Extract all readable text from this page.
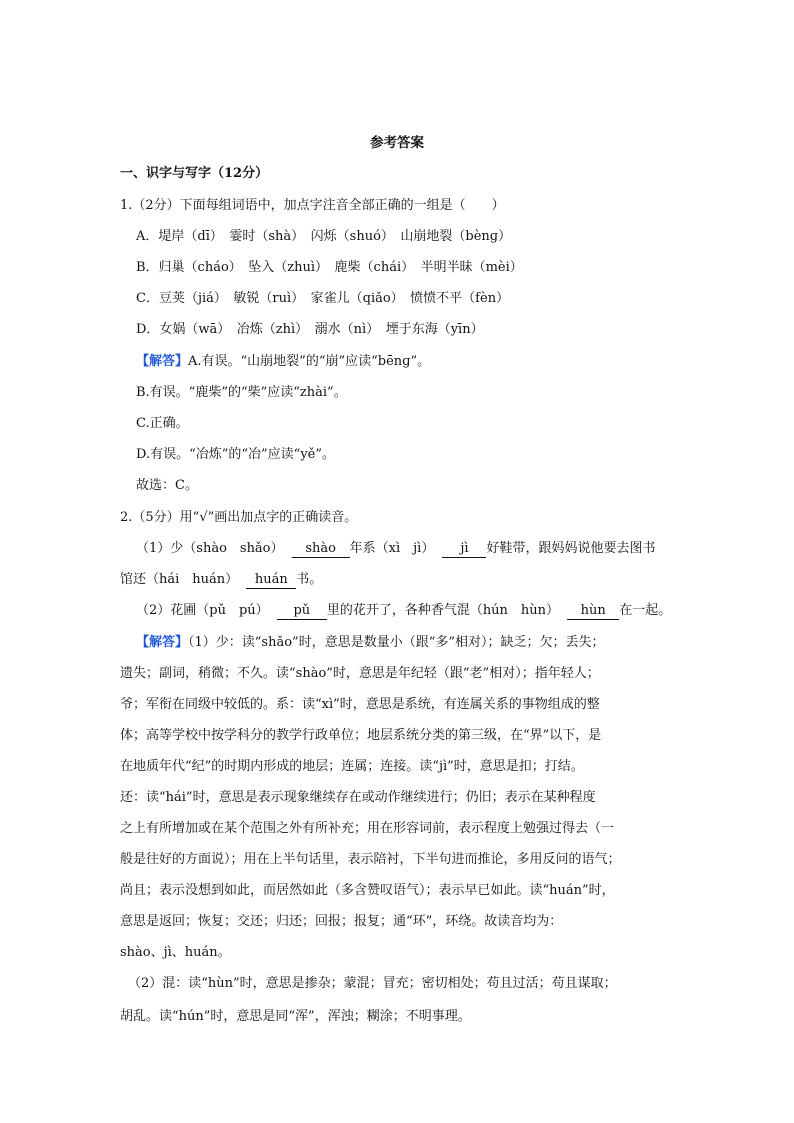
参考答案
一、识字与写字（12分）
1.（2分）下面每组词语中，加点字注音全部正确的一组是（　　）
A．堤岸（dī）　霎时（shà）　闪烁（shuó）　山崩地裂（bènɡ）
B．归巢（cháo）　坠入（zhuì）　鹿柴（chái）　半明半昧（mèi）
C．豆荚（jiá）　敏锐（ruì）　家雀儿（qiǎo）　愤愤不平（fèn）
D．女娲（wā）　冶炼（zhì）　溺水（nì）　堙于东海（yīn）
【解答】A.有误。“山崩地裂”的“崩”应读“bēnɡ”。
B.有误。“鹿柴”的“柴”应读“zhài”。
C.正确。
D.有误。“冶炼”的“冶”应读“yě”。
故选：C。
2.（5分）用“√”画出加点字的正确读音。
（1）少（shào　shǎo） shào 年系（xì　jì） jì 好鞋带，跟妈妈说他要去图书
馆还（hái　huán） huán 书。
（2）花圃（pǔ　pú） pǔ 里的花开了，各种香气混（hún　hùn） hùn 在一起。
【解答】（1）少：读“shǎo”时，意思是数量小（跟“多”相对）；缺乏；欠；丢失；
遗失；副词，稍微；不久。读“shào”时，意思是年纪轻（跟“老”相对）；指年轻人；
爷；军衔在同级中较低的。系：读“xì”时，意思是系统，有连属关系的事物组成的整
体；高等学校中按学科分的教学行政单位；地层系统分类的第三级，在“界”以下，是
在地质年代“纪”的时期内形成的地层；连属；连接。读“jì”时，意思是扣；打结。
还：读“hái”时，意思是表示现象继续存在或动作继续进行；仍旧；表示在某种程度
之上有所增加或在某个范围之外有所补充；用在形容词前，表示程度上勉强过得去（一
般是往好的方面说）；用在上半句话里，表示陪衬，下半句进而推论，多用反问的语气；
尚且；表示没想到如此，而居然如此（多含赞叹语气）；表示早已如此。读“huán”时，
意思是返回；恢复；交还；归还；回报；报复；通“环”，环绕。故读音均为：
shào、jì、huán。
（2）混：读“hùn”时，意思是掺杂；蒙混；冒充；密切相处；苟且过活；苟且谋取；
胡乱。读“hún”时，意思是同“浑”，浑浊；糊涂；不明事理。
